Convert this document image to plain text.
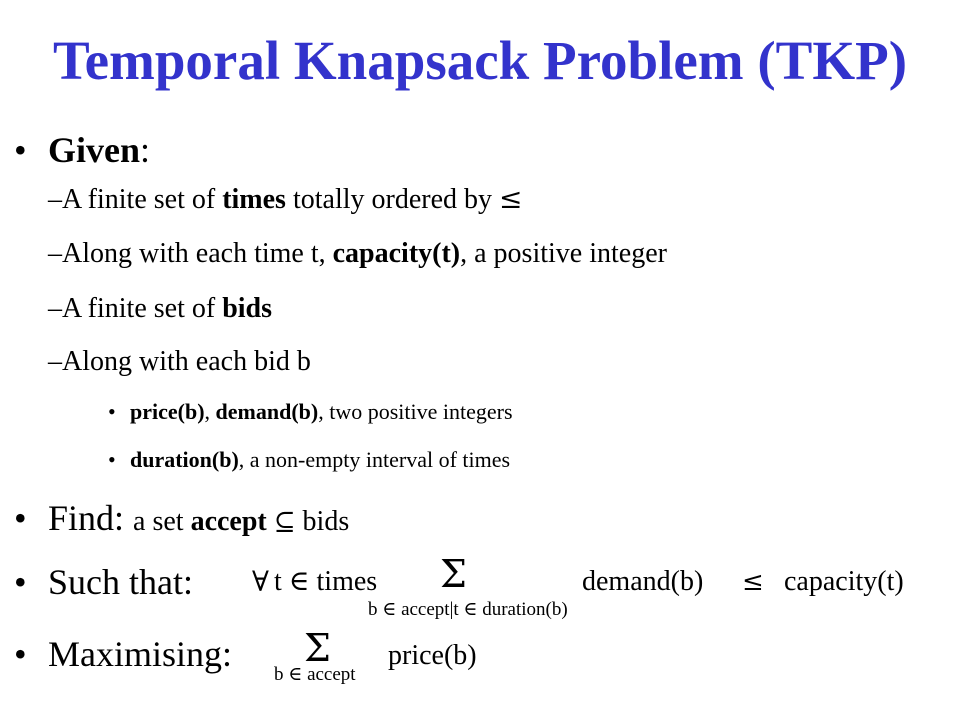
Temporal Knapsack Problem (TKP)
• Given:
–A finite set of times totally ordered by ≤
–Along with each time t, capacity(t), a positive integer
–A finite set of bids
–Along with each bid b
• price(b), demand(b), two positive integers
• duration(b), a non-empty interval of times
• Find: a set accept ⊆ bids
• Such that: ∀ t ∈ times Σ	demand(b) ≤ capacity(t)
b ∈ accept|t ∈ duration(b)
• Maximising: Σ price(b)
b ∈ accept
